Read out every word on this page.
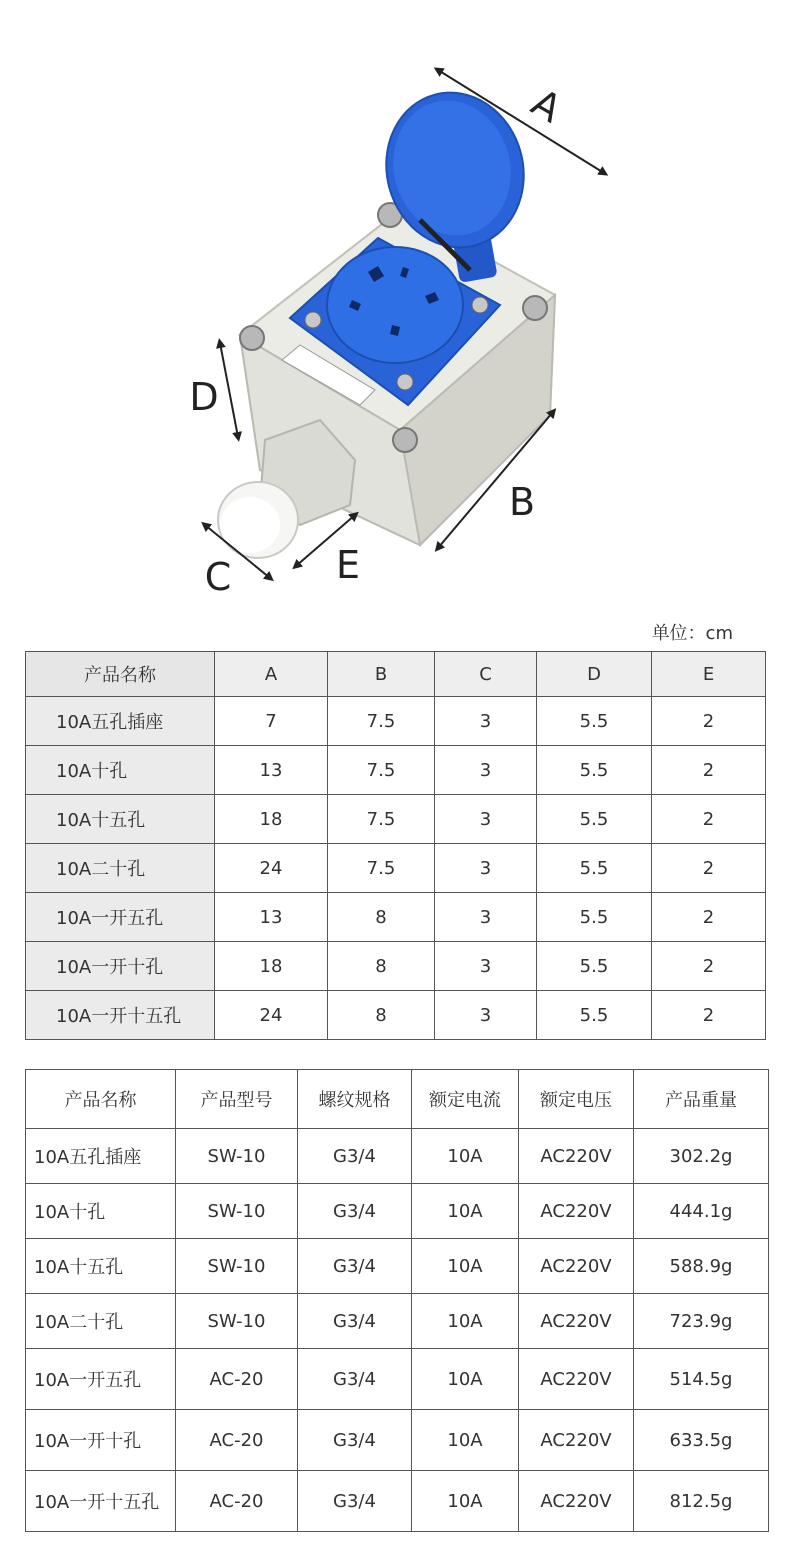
A
D
B
C	E
单位：cm
产品名称	A	B	C	D	E
10A五孔插座	7	7.5	3	5.5	2
10A十孔	13	7.5	3	5.5	2
10A十五孔	18	7.5	3	5.5	2
10A二十孔	24	7.5	3	5.5	2
10A一开五孔	13	8	3	5.5	2
10A一开十孔	18	8	3	5.5	2
10A一开十五孔	24	8	3	5.5	2
产品名称	产品型号	螺纹规格	额定电流	额定电压	产品重量
10A五孔插座	SW-10	G3/4	10A	AC220V	302.2g
10A十孔	SW-10	G3/4	10A	AC220V	444.1g
10A十五孔	SW-10	G3/4	10A	AC220V	588.9g
10A二十孔	SW-10	G3/4	10A	AC220V	723.9g
10A一开五孔	AC-20	G3/4	10A	AC220V	514.5g
10A一开十孔	AC-20	G3/4	10A	AC220V	633.5g
10A一开十五孔	AC-20	G3/4	10A	AC220V	812.5g
